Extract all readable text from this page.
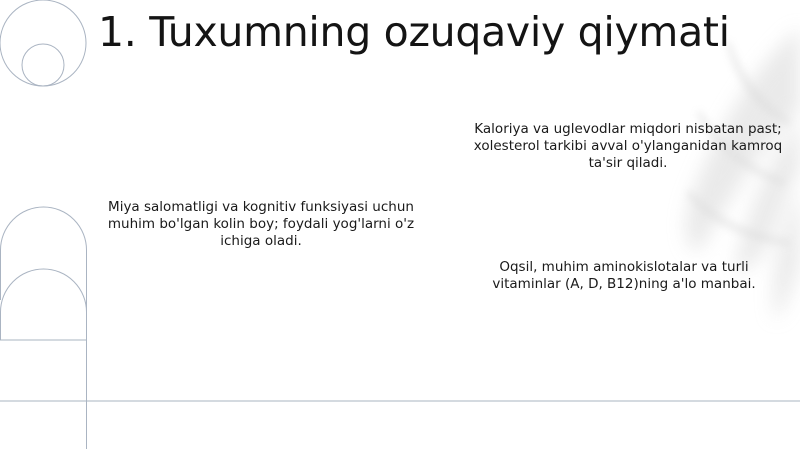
1. Tuxumning ozuqaviy qiymati

Miya salomatligi va kognitiv funksiyasi uchun muhim bo'lgan kolin boy; foydali yog'larni o'z ichiga oladi.

Kaloriya va uglevodlar miqdori nisbatan past; xolesterol tarkibi avval o'ylanganidan kamroq ta'sir qiladi.

Oqsil, muhim aminokislotalar va turli vitaminlar (A, D, B12)ning a'lo manbai.
